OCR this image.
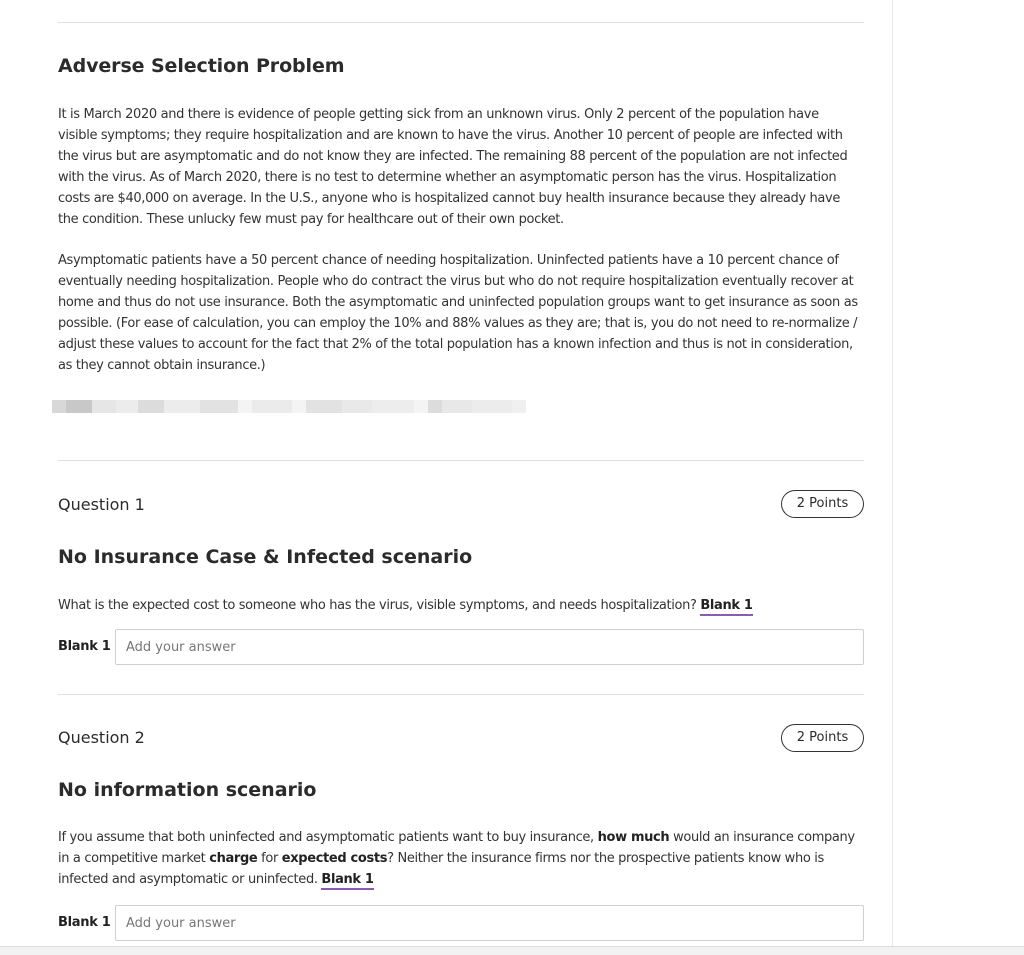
Adverse Selection Problem
It is March 2020 and there is evidence of people getting sick from an unknown virus. Only 2 percent of the population have visible symptoms; they require hospitalization and are known to have the virus. Another 10 percent of people are infected with the virus but are asymptomatic and do not know they are infected. The remaining 88 percent of the population are not infected with the virus. As of March 2020, there is no test to determine whether an asymptomatic person has the virus. Hospitalization costs are $40,000 on average. In the U.S., anyone who is hospitalized cannot buy health insurance because they already have the condition. These unlucky few must pay for healthcare out of their own pocket.
Asymptomatic patients have a 50 percent chance of needing hospitalization. Uninfected patients have a 10 percent chance of eventually needing hospitalization. People who do contract the virus but who do not require hospitalization eventually recover at home and thus do not use insurance. Both the asymptomatic and uninfected population groups want to get insurance as soon as possible. (For ease of calculation, you can employ the 10% and 88% values as they are; that is, you do not need to re-normalize / adjust these values to account for the fact that 2% of the total population has a known infection and thus is not in consideration, as they cannot obtain insurance.)
Question 1	2 Points
No Insurance Case & Infected scenario
What is the expected cost to someone who has the virus, visible symptoms, and needs hospitalization? Blank 1
Blank 1
Add your answer
Question 2	2 Points
No information scenario
If you assume that both uninfected and asymptomatic patients want to buy insurance, how much would an insurance company in a competitive market charge for expected costs? Neither the insurance firms nor the prospective patients know who is infected and asymptomatic or uninfected. Blank 1
Blank 1
Add your answer
